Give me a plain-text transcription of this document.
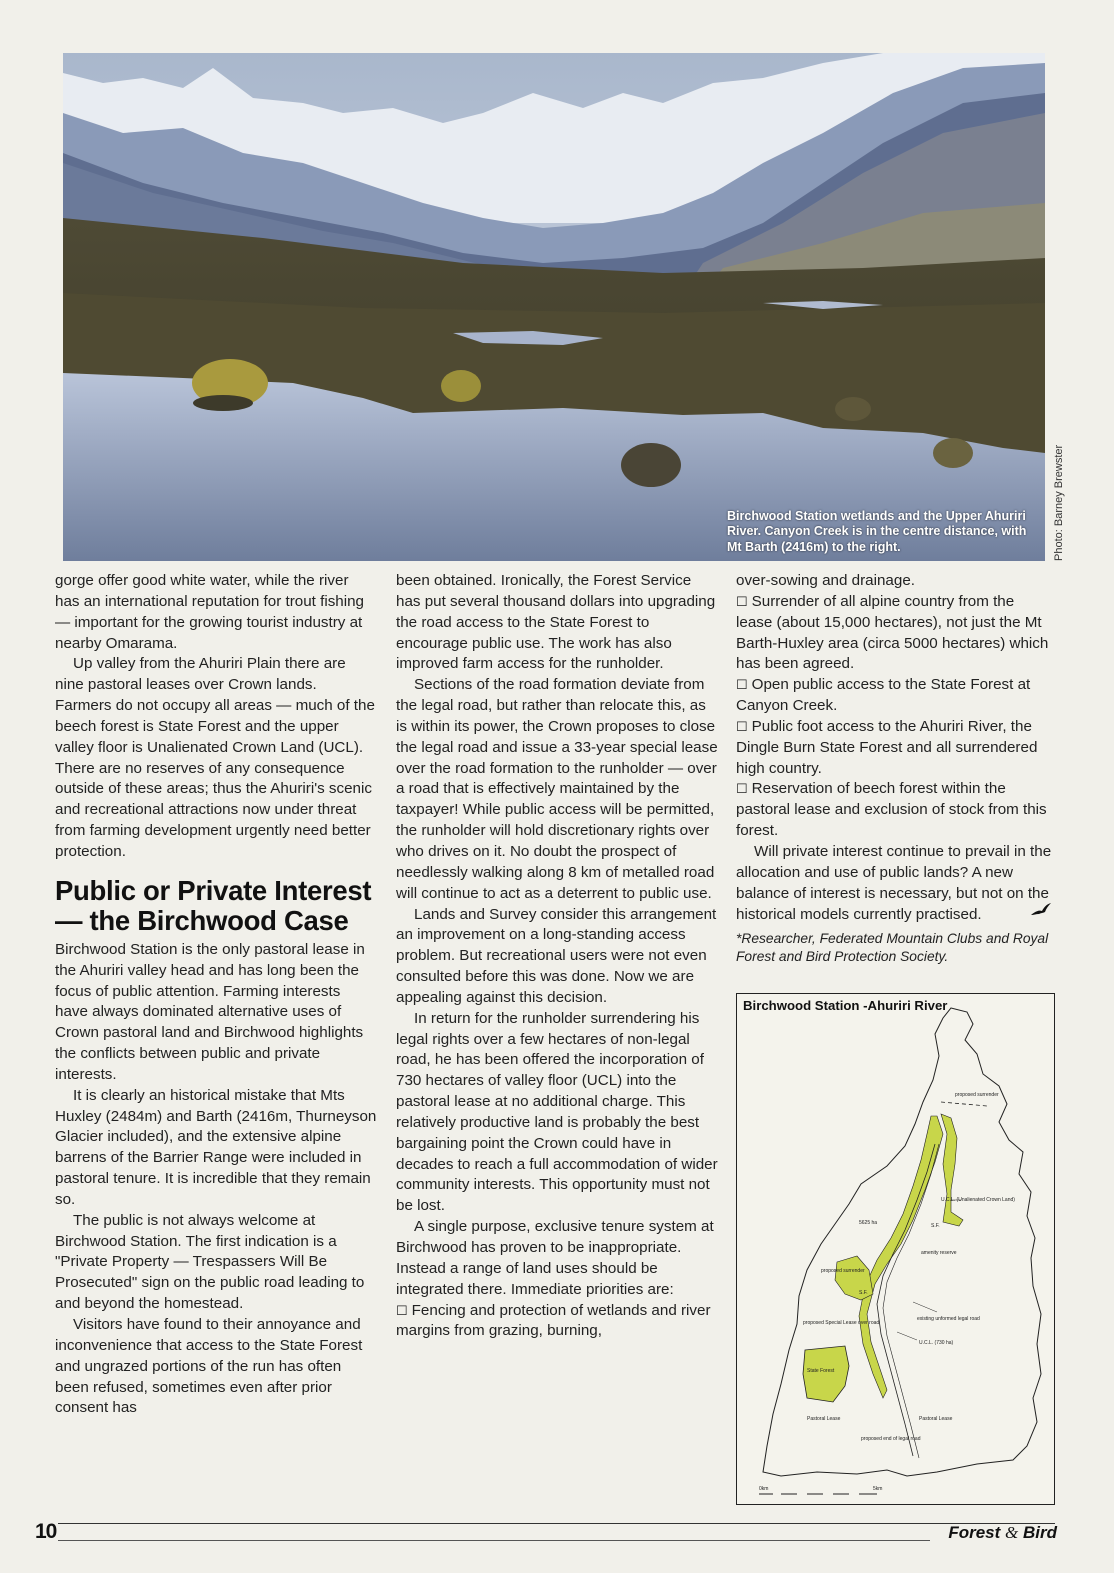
Birchwood Station wetlands and the Upper Ahuriri River. Canyon Creek is in the centre distance, with Mt Barth (2416m) to the right.	Photo: Barney Brewster

gorge offer good white water, while the river has an international reputation for trout fishing — important for the growing tourist industry at nearby Omarama.

Up valley from the Ahuriri Plain there are nine pastoral leases over Crown lands. Farmers do not occupy all areas — much of the beech forest is State Forest and the upper valley floor is Unalienated Crown Land (UCL). There are no reserves of any consequence outside of these areas; thus the Ahuriri's scenic and recreational attractions now under threat from farming development urgently need better protection.

Public or Private Interest — the Birchwood Case

Birchwood Station is the only pastoral lease in the Ahuriri valley head and has long been the focus of public attention. Farming interests have always dominated alternative uses of Crown pastoral land and Birchwood highlights the conflicts between public and private interests.

It is clearly an historical mistake that Mts Huxley (2484m) and Barth (2416m, Thurneyson Glacier included), and the extensive alpine barrens of the Barrier Range were included in pastoral tenure. It is incredible that they remain so.

The public is not always welcome at Birchwood Station. The first indication is a "Private Property — Trespassers Will Be Prosecuted" sign on the public road leading to and beyond the homestead.

Visitors have found to their annoyance and inconvenience that access to the State Forest and ungrazed portions of the run has often been refused, sometimes even after prior consent has

been obtained. Ironically, the Forest Service has put several thousand dollars into upgrading the road access to the State Forest to encourage public use. The work has also improved farm access for the runholder.

Sections of the road formation deviate from the legal road, but rather than relocate this, as is within its power, the Crown proposes to close the legal road and issue a 33-year special lease over the road formation to the runholder — over a road that is effectively maintained by the taxpayer! While public access will be permitted, the runholder will hold discretionary rights over who drives on it. No doubt the prospect of needlessly walking along 8 km of metalled road will continue to act as a deterrent to public use.

Lands and Survey consider this arrangement an improvement on a long-standing access problem. But recreational users were not even consulted before this was done. Now we are appealing against this decision.

In return for the runholder surrendering his legal rights over a few hectares of non-legal road, he has been offered the incorporation of 730 hectares of valley floor (UCL) into the pastoral lease at no additional charge. This relatively productive land is probably the best bargaining point the Crown could have in decades to reach a full accommodation of wider community interests. This opportunity must not be lost.

A single purpose, exclusive tenure system at Birchwood has proven to be inappropriate. Instead a range of land uses should be integrated there. Immediate priorities are:

☐ Fencing and protection of wetlands and river margins from grazing, burning,

over-sowing and drainage.

☐ Surrender of all alpine country from the lease (about 15,000 hectares), not just the Mt Barth-Huxley area (circa 5000 hectares) which has been agreed.

☐ Open public access to the State Forest at Canyon Creek.

☐ Public foot access to the Ahuriri River, the Dingle Burn State Forest and all surrendered high country.

☐ Reservation of beech forest within the pastoral lease and exclusion of stock from this forest.

Will private interest continue to prevail in the allocation and use of public lands? A new balance of interest is necessary, but not on the historical models currently practised.

*Researcher, Federated Mountain Clubs and Royal Forest and Bird Protection Society.

proposed surrender
U.C.L. (Unalienated Crown Land)
5625 ha	S.F.
S.F.
amenity reserve
proposed surrender
existing unformed legal road
proposed Special Lease over road
U.C.L. (730 ha)
State Forest
Pastoral Lease	Pastoral Lease
proposed end of legal road
0km	5km
Birchwood Station -Ahuriri River
10	Forest & Bird
